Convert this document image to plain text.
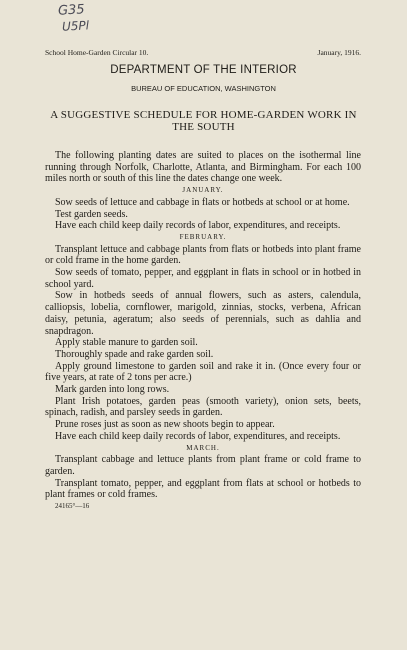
G35
U5Pl
School Home-Garden Circular 10.	January, 1916.
DEPARTMENT OF THE INTERIOR
BUREAU OF EDUCATION, WASHINGTON
A SUGGESTIVE SCHEDULE FOR HOME-GARDEN WORK IN THE SOUTH

The following planting dates are suited to places on the isothermal line running through Norfolk, Charlotte, Atlanta, and Birmingham. For each 100 miles north or south of this line the dates change one week.

JANUARY.

Sow seeds of lettuce and cabbage in flats or hotbeds at school or at home.

Test garden seeds.

Have each child keep daily records of labor, expenditures, and receipts.

FEBRUARY.

Transplant lettuce and cabbage plants from flats or hotbeds into plant frame or cold frame in the home garden.

Sow seeds of tomato, pepper, and eggplant in flats in school or in hotbed in school yard.

Sow in hotbeds seeds of annual flowers, such as asters, calendula, calliopsis, lobelia, cornflower, marigold, zinnias, stocks, verbena, African daisy, petunia, ageratum; also seeds of perennials, such as dahlia and snapdragon.

Apply stable manure to garden soil.

Thoroughly spade and rake garden soil.

Apply ground limestone to garden soil and rake it in. (Once every four or five years, at rate of 2 tons per acre.)

Mark garden into long rows.

Plant Irish potatoes, garden peas (smooth variety), onion sets, beets, spinach, radish, and parsley seeds in garden.

Prune roses just as soon as new shoots begin to appear.

Have each child keep daily records of labor, expenditures, and receipts.

MARCH.

Transplant cabbage and lettuce plants from plant frame or cold frame to garden.

Transplant tomato, pepper, and eggplant from flats at school or hotbeds to plant frames or cold frames.

24165°—16
